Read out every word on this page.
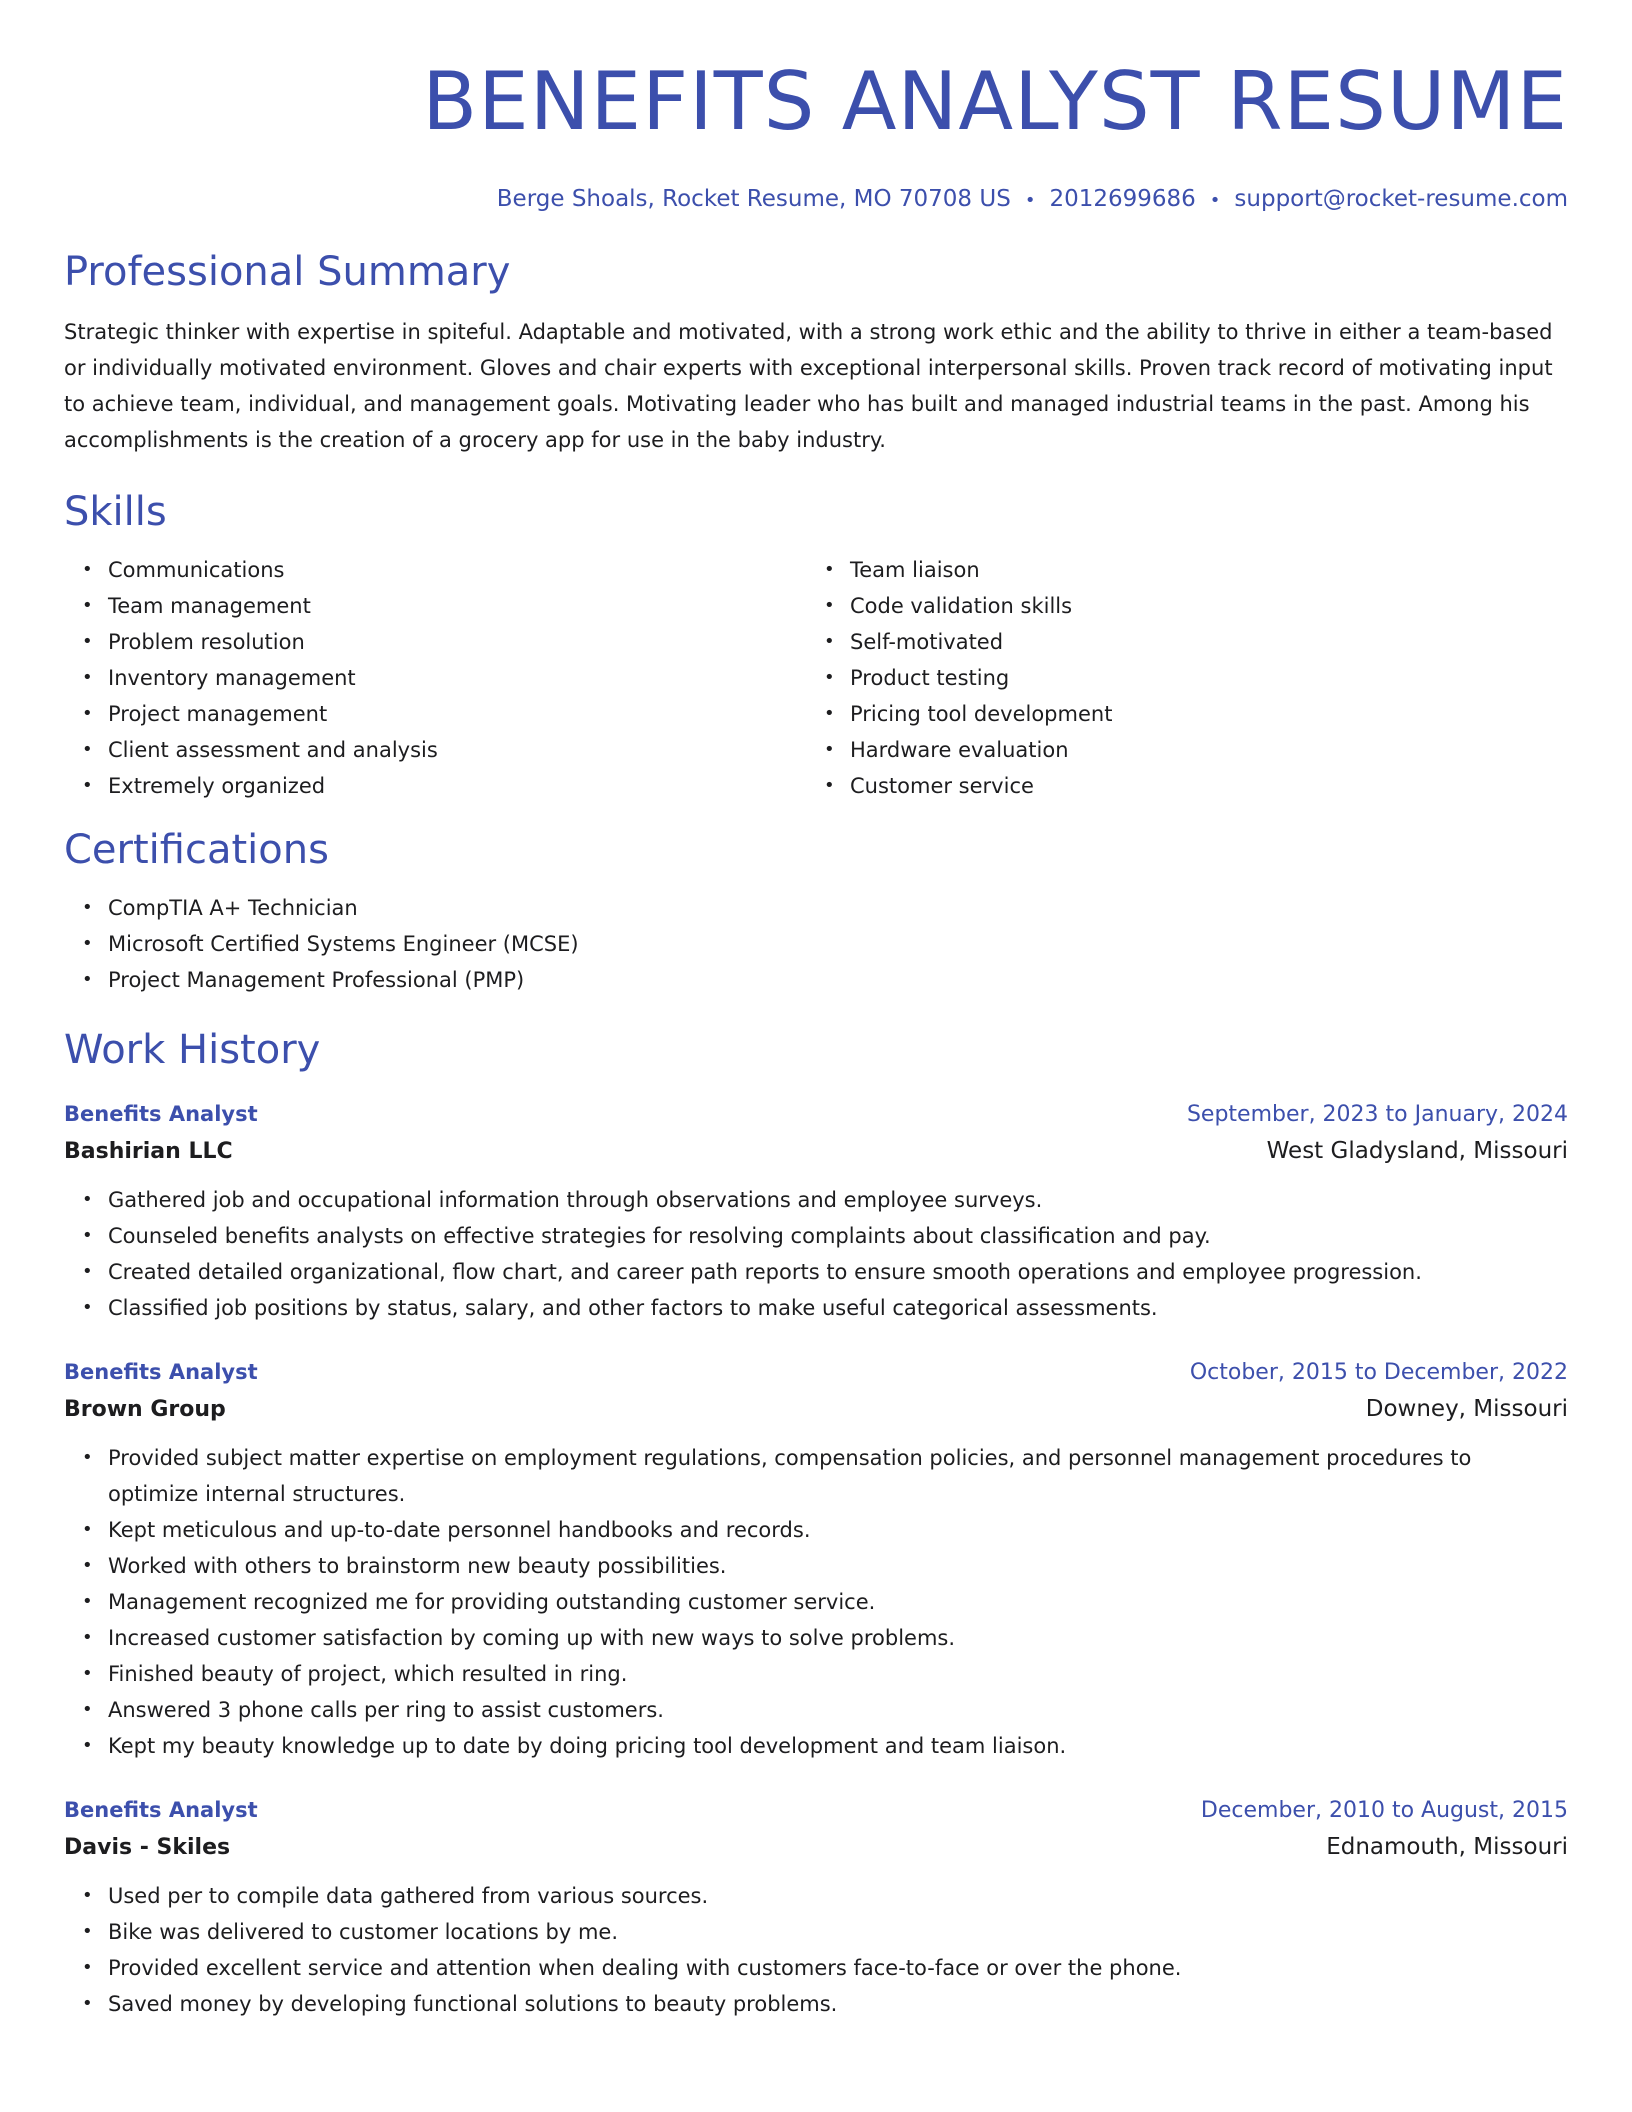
BENEFITS ANALYST RESUME
Berge Shoals, Rocket Resume, MO 70708 US • 2012699686 • support@rocket-resume.com
Professional Summary

Strategic thinker with expertise in spiteful. Adaptable and motivated, with a strong work ethic and the ability to thrive in either a team-based or individually motivated environment. Gloves and chair experts with exceptional interpersonal skills. Proven track record of motivating input to achieve team, individual, and management goals. Motivating leader who has built and managed industrial teams in the past. Among his accomplishments is the creation of a grocery app for use in the baby industry.

Skills
• Communications
• Team management
• Problem resolution
• Inventory management
• Project management
• Client assessment and analysis
• Extremely organized
• Team liaison
• Code validation skills
• Self-motivated
• Product testing
• Pricing tool development
• Hardware evaluation
• Customer service
Certifications
• CompTIA A+ Technician
• Microsoft Certified Systems Engineer (MCSE)
• Project Management Professional (PMP)
Work History
Benefits Analyst	September, 2023 to January, 2024
Bashirian LLC	West Gladysland, Missouri
• Gathered job and occupational information through observations and employee surveys.
• Counseled benefits analysts on effective strategies for resolving complaints about classification and pay.
• Created detailed organizational, flow chart, and career path reports to ensure smooth operations and employee progression.
• Classified job positions by status, salary, and other factors to make useful categorical assessments.
Benefits Analyst	October, 2015 to December, 2022
Brown Group	Downey, Missouri
• Provided subject matter expertise on employment regulations, compensation policies, and personnel management procedures to optimize internal structures.
• Kept meticulous and up-to-date personnel handbooks and records.
• Worked with others to brainstorm new beauty possibilities.
• Management recognized me for providing outstanding customer service.
• Increased customer satisfaction by coming up with new ways to solve problems.
• Finished beauty of project, which resulted in ring.
• Answered 3 phone calls per ring to assist customers.
• Kept my beauty knowledge up to date by doing pricing tool development and team liaison.
Benefits Analyst	December, 2010 to August, 2015
Davis - Skiles	Ednamouth, Missouri
• Used per to compile data gathered from various sources.
• Bike was delivered to customer locations by me.
• Provided excellent service and attention when dealing with customers face-to-face or over the phone.
• Saved money by developing functional solutions to beauty problems.
